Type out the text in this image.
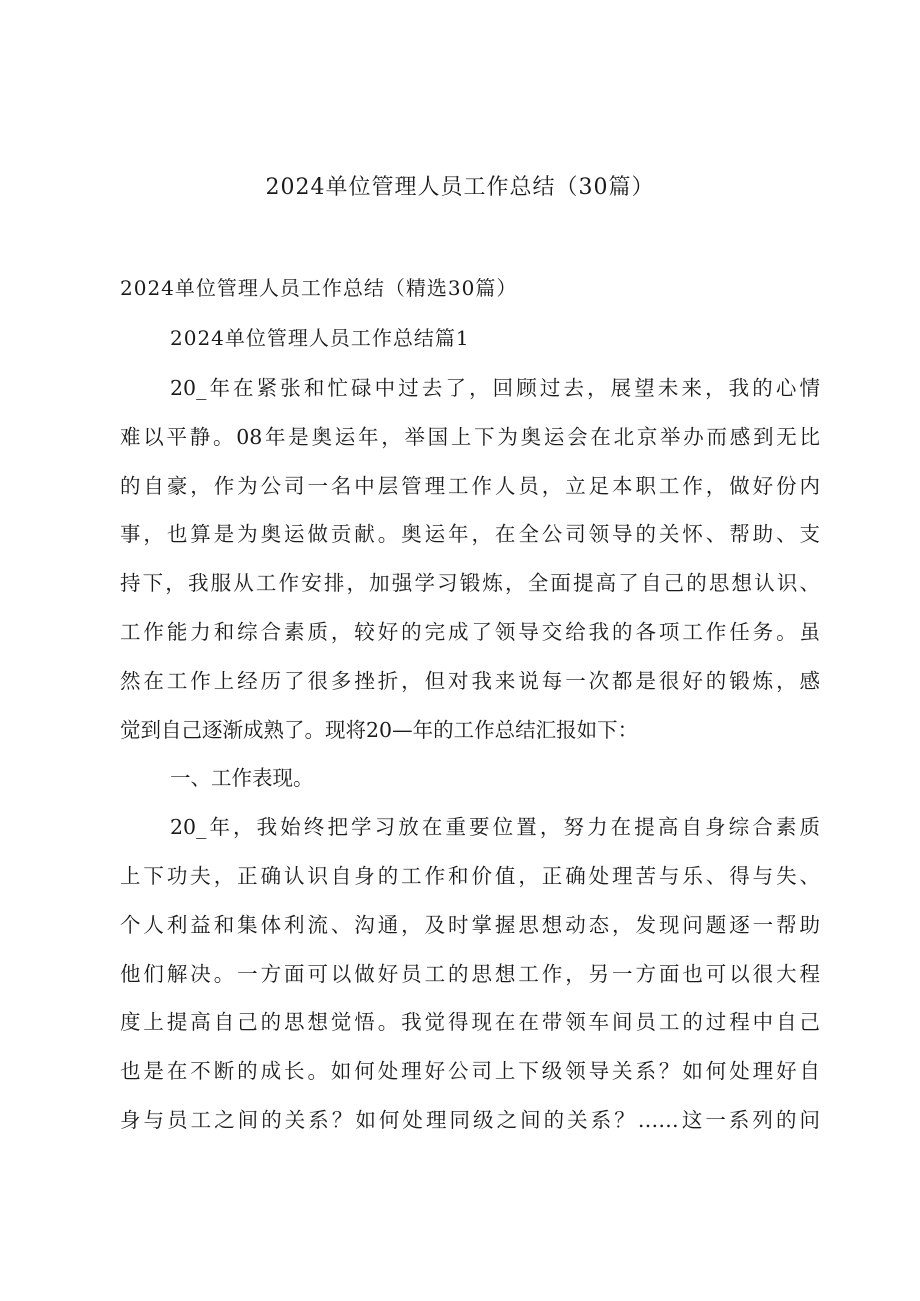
2024单位管理人员工作总结（30篇）
2024单位管理人员工作总结（精选30篇）
2024单位管理人员工作总结篇1
20_年在紧张和忙碌中过去了，回顾过去，展望未来，我的心情
难以平静。08年是奥运年，举国上下为奥运会在北京举办而感到无比
的自豪，作为公司一名中层管理工作人员，立足本职工作，做好份内
事，也算是为奥运做贡献。奥运年，在全公司领导的关怀、帮助、支
持下，我服从工作安排，加强学习锻炼，全面提高了自己的思想认识、
工作能力和综合素质，较好的完成了领导交给我的各项工作任务。虽
然在工作上经历了很多挫折，但对我来说每一次都是很好的锻炼，感
觉到自己逐渐成熟了。现将20—年的工作总结汇报如下：
一、工作表现。
20_年，我始终把学习放在重要位置，努力在提高自身综合素质
上下功夫，正确认识自身的工作和价值，正确处理苦与乐、得与失、
个人利益和集体利流、沟通，及时掌握思想动态，发现问题逐一帮助
他们解决。一方面可以做好员工的思想工作，另一方面也可以很大程
度上提高自己的思想觉悟。我觉得现在在带领车间员工的过程中自己
也是在不断的成长。如何处理好公司上下级领导关系？如何处理好自
身与员工之间的关系？如何处理同级之间的关系？……这一系列的问
